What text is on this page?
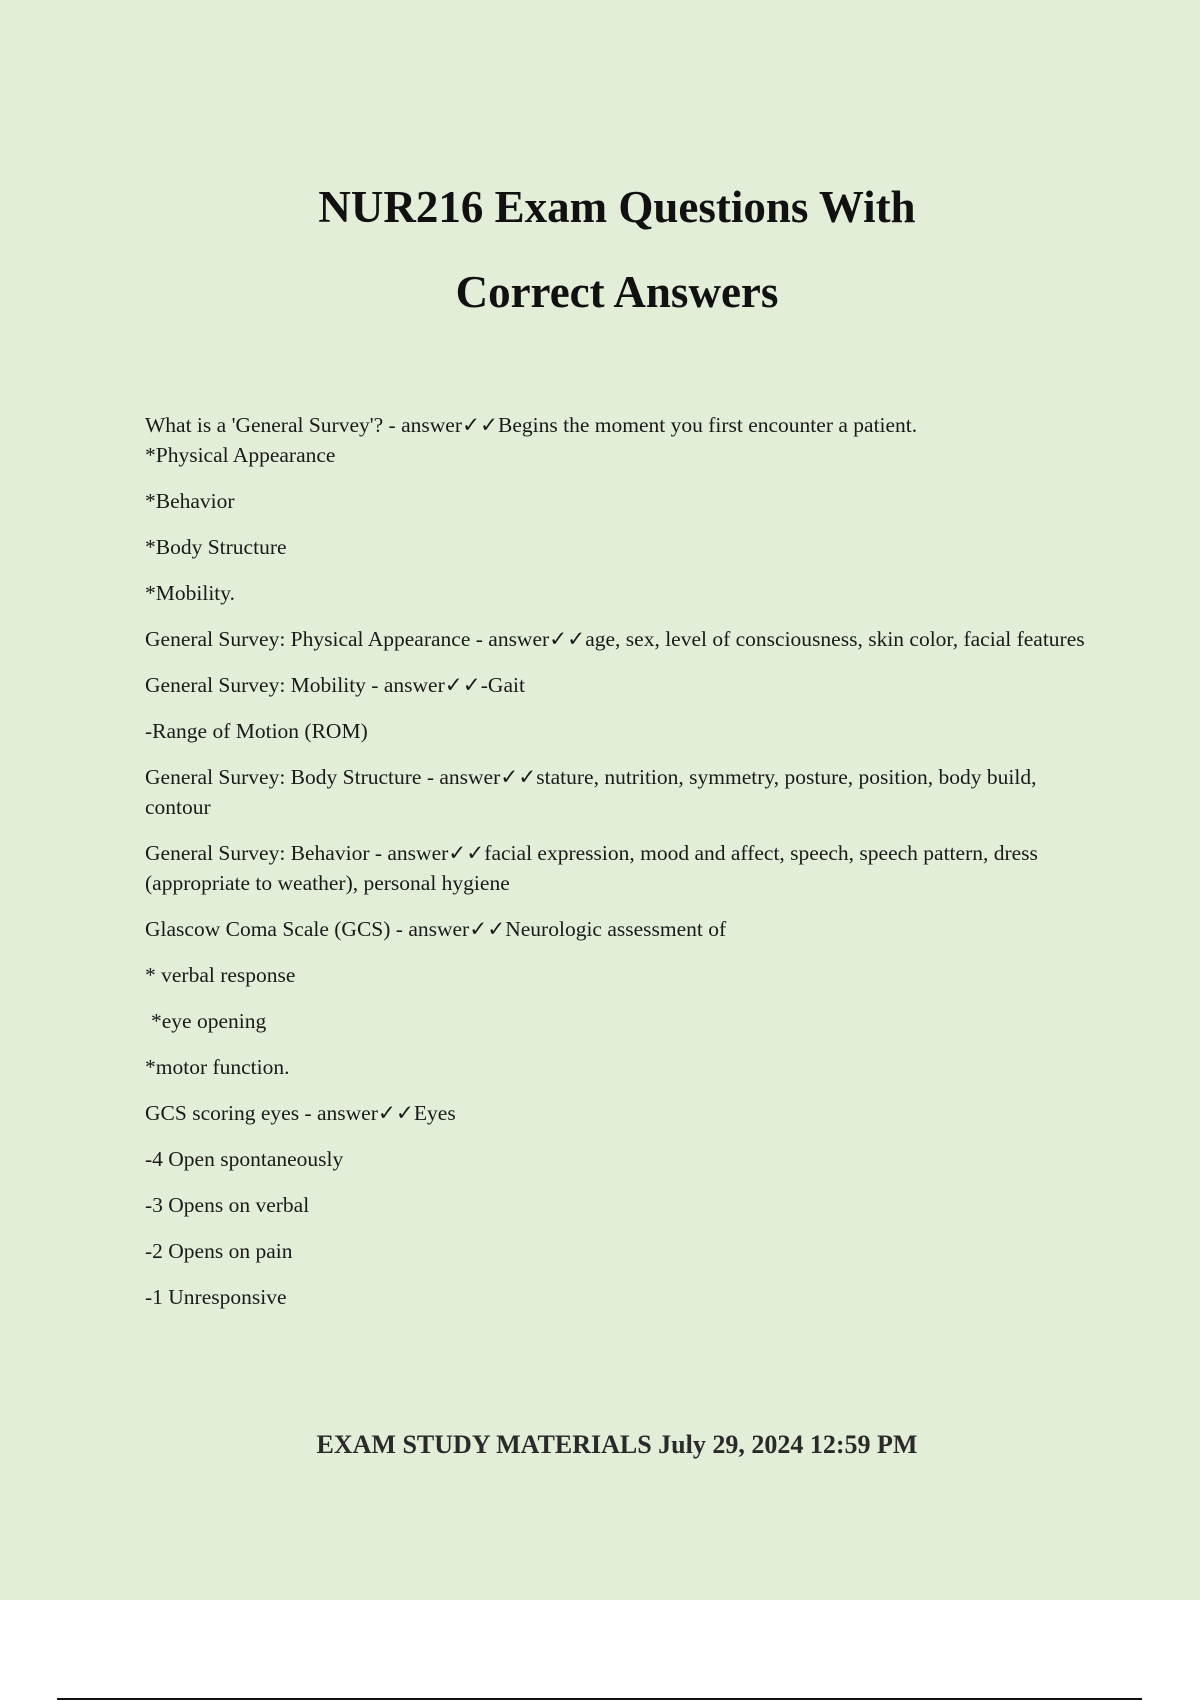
NUR216 Exam Questions With
Correct Answers

What is a 'General Survey'? - answer✓✓Begins the moment you first encounter a patient.

*Physical Appearance

*Behavior

*Body Structure

*Mobility.

General Survey: Physical Appearance - answer✓✓age, sex, level of consciousness, skin color, facial features

General Survey: Mobility - answer✓✓-Gait

-Range of Motion (ROM)

General Survey: Body Structure - answer✓✓stature, nutrition, symmetry, posture, position, body build, contour

General Survey: Behavior - answer✓✓facial expression, mood and affect, speech, speech pattern, dress (appropriate to weather), personal hygiene

Glascow Coma Scale (GCS) - answer✓✓Neurologic assessment of

* verbal response

*eye opening

*motor function.

GCS scoring eyes - answer✓✓Eyes

-4 Open spontaneously

-3 Opens on verbal

-2 Opens on pain

-1 Unresponsive

EXAM STUDY MATERIALS July 29, 2024 12:59 PM
